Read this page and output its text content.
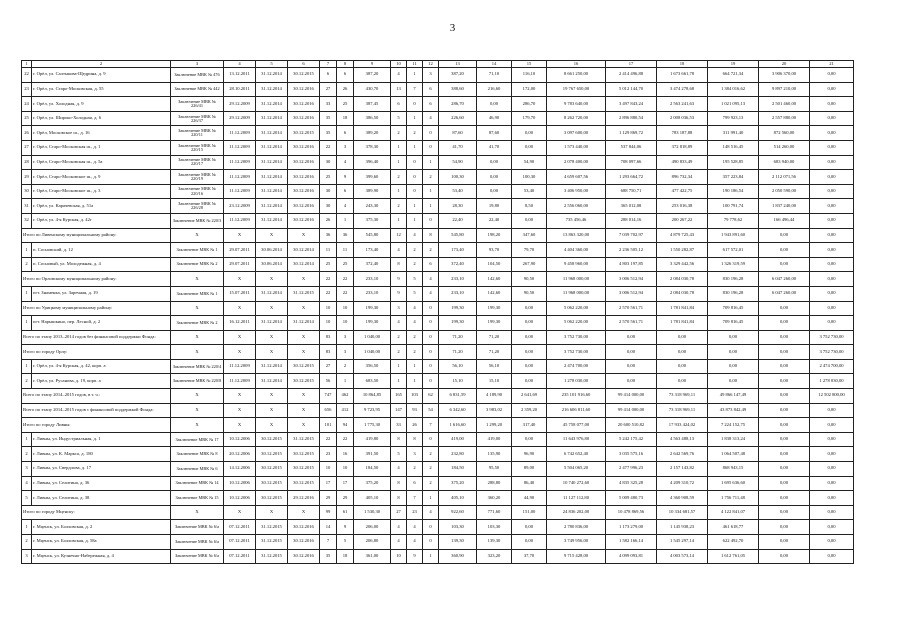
3
1	2	3	4	5	6	7	8	9	10	11	12	13	14	15	16	17	18	19	20	21
22	г. Орёл, ул. Салтыкова-Щедрина, д. 9	Заключение МВК № 476	13.12.2011	31.12.2014	30.12.2015	6	6	387,20	4	1	3	387,20	71,10	116,10	8 661 250,00	2 414 496,88	1 673 661,78	664 721,34	3 906 370,00	0,00
23	г. Орёл, ул. Старо-Московская, д. 55	Заключение МВК № 442	28.10.2011	31.12.2014	30.12.2016	27	26	430,70	13	7	6	388,60	216,60	172,00	19 767 650,00	5 012 144,70	3 474 278,68	1 384 016,62	9 897 210,00	0,00
24	г. Орёл, ул. Холодная, д. 9	Заключение МВК № 226/41	29.12.2009	31.12.2014	30.12.2016	33	25	387,45	6	0	6	286,70	0,00	286,70	9 783 640,00	3 497 843,24	2 563 241,63	1 021 095,13	2 501 460,00	0,00
25	г. Орёл, ул. Широко-Холодная, д. 6	Заключение МВК № 226/37	29.12.2009	31.12.2014	30.12.2016	35	18	386,50	5	1	4	226,60	46,90	179,70	8 262 720,00	2 896 880,54	2 008 036,53	799 923,13	2 557 880,00	0,00
26	г. Орёл, Московское ш., д. 16	Заключение МВК № 220/11	11.12.2009	31.12.2014	30.12.2015	35	6	389,20	2	2	0	87,60	87,60	0,00	3 097 600,00	1 129 869,72	783 187,88	311 991,40	872 560,00	0,00
27	г. Орёл, Старо-Московская ш., д. 1	Заключение МВК № 220/15	11.12.2009	31.12.2014	30.12.2016	22	3	378,30	1	1	0	41,70	41,70	0,00	1 573 440,00	537 844,06	372 818,89	148 516,45	514 260,00	0,00
28	г. Орёл, Старо-Московская ш., д. 5а	Заключение МВК № 220/17	11.12.2009	31.12.2014	30.12.2016	30	4	396,40	1	0	1	54,90	0,00	54,90	2 078 400,00	708 097,66	490 833,49	195 528,85	683 940,00	0,00
29	г. Орёл, Старо-Московское ш., д. 9	Заключение МВК № 220/19	11.12.2009	31.12.2014	30.12.2016	25	9	399,60	2	0	2	100,30	0,00	100,30	4 659 607,56	1 293 664,72	896 732,34	357 223,84	2 112 071,56	0,00
30	г. Орёл, Старо-Московское ш., д. 3	Заключение МВК № 220/16	11.12.2009	31.12.2014	30.12.2016	30	6	389,90	1	0	1	53,40	0,00	53,40	3 406 950,00	688 750,71	477 422,75	190 186,54	2 050 590,00	0,00
31	г. Орёл, ул. Карачевская, д. 51а	Заключение МВК № 226/28	23.12.2009	31.12.2014	30.12.2016	30	4	243,30	2	1	1	28,30	19,80	8,50	2 556 060,00	365 012,08	253 016,38	100 791,74	1 837 240,00	0,00
32	г. Орёл, ул. 4-я Курская, д. 42г	Заключение МВК № 220/3	11.12.2009	31.12.2014	30.12.2016	26	1	375,30	1	1	0	22,40	22,40	0,00	735 456,46	288 014,16	200 267,22	79 778,62	166 496,44	0,00
Итого по Ливенскому муниципальному району:		X	X	X	X	36	36	545,80	12	4	8	545,80	198,20	347,60	13 863 320,00	7 039 702,97	4 879 725,43	1 943 891,60	0,00	0,00
1	п. Сосновский, д. 12	Заключение МВК № 1	29.07.2011	30.06.2014	30.12.2014	11	11	173,40	4	2	2	173,40	93,70	79,70	4 404 360,00	2 236 505,12	1 550 282,87	617 572,01	0,00	0,00
2	п. Сосновый, ул. Молодежная, д. 4	Заключение МВК № 2	29.07.2011	30.06.2014	30.12.2014	25	25	372,40	8	2	6	372,40	104,50	267,90	9 458 960,00	4 803 197,85	3 329 442,56	1 326 319,59	0,00	0,00
Итого по Орловскому муниципальному району:		X	X	X	X	22	22	233,10	9	5	4	233,10	142,60	90,50	11 968 000,00	3 006 512,94	2 084 030,78	830 196,28	6 047 260,00	0,00
1	пгт. Знаменка, ул. Заречная, д. 19	Заключение МВК № 1	15.07.2011	31.12.2014	31.12.2015	22	22	233,10	9	5	4	233,10	142,60	90,50	11 968 000,00	3 006 512,94	2 084 030,78	830 196,28	6 047 260,00	0,00
Итого по Урицкому муниципальному району:		X	X	X	X	10	10	199,30	3	4	0	199,30	199,30	0,00	5 062 220,00	2 570 561,71	1 781 841,84	709 816,45	0,00	0,00
1	пгт. Нарышкино, пер. Лесной, д. 2	Заключение МВК № 2	16.12.2011	31.12.2014	31.12.2014	10	10	199,30	4	4	0	199,30	199,30	0,00	5 062 220,00	2 570 561,71	1 781 841,84	709 816,45	0,00	0,00
Всего по этапу 2013–2014 годов без финансовой поддержки Фонда:		X	X	X	X	83	3	1 040,00	2	2	0	71,20	71,20	0,00	3 752 730,00	0,00	0,00	0,00	0,00	3 752 730,00
Итого по городу Орлу:		X	X	X	X	83	3	1 040,00	2	2	0	71,20	71,20	0,00	3 752 730,00	0,00	0,00	0,00	0,00	3 752 730,00
1	г. Орёл, ул. 4-я Курская, д. 42, корп. а	Заключение МВК № 220/4	11.12.2009	31.12.2014	30.12.2015	27	2	356,50	1	1	0	56,10	56,10	0,00	2 474 700,00	0,00	0,00	0,00	0,00	2 474 700,00
2	г. Орёл, ул. Русанова, д. 19, корп. а	Заключение МВК № 220/8	11.12.2009	31.12.2014	30.12.2015	56	1	683,50	1	1	0	15,10	15,10	0,00	1 278 030,00	0,00	0,00	0,00	0,00	1 278 030,00
Всего по этапу 2014–2015 годов, в т. ч.:		X	X	X	X	747	462	10 864,85	165	103	62	6 831,59	4 189,90	2 641,69	235 101 916,60	99 414 000,00	73 318 969,11	49 866 147,49	0,00	12 502 800,00
Всего по этапу 2014–2015 годов с финансовой поддержкой Фонда:		X	X	X	X	656	412	9 723,95	147	93	54	6 342,60	3 983,02	2 359,20	216 606 811,60	99 414 000,00	73 318 969,11	43 873 842,49	0,00	0,00
Итого по городу Ливны:		X	X	X	X	101	94	1 775,30	33	26	7	1 616,60	1 299,20	317,40	45 758 077,00	20 600 510,82	17 933 424,02	7 224 152,75	0,00	0,00
1	г. Ливны, ул. Индустриальная, д. 1	Заключение МВК № 17	10.12.2006	30.12.2015	31.12.2015	22	22	419,80	8	8	0	419,00	419,00	0,00	11 643 976,80	5 242 175,42	4 563 488,13	1 838 313,24	0,00	0,00
2	г. Ливны, ул. К. Маркса, д. 180	Заключение МВК № 8	20.12.2006	30.12.2015	30.12.2015	23	16	391,50	5	3	2	232,80	135,90	96,90	6 742 652,40	3 035 575,16	2 642 569,76	1 064 507,48	0,00	0,00
3	г. Ливны, ул. Свердлова, д. 17	Заключение МВК № 6	14.12.2006	30.12.2015	30.12.2015	10	10	184,50	4	2	2	184,50	95,50	89,00	5 504 065,20	2 477 996,23	2 157 143,82	868 943,15	0,00	0,00
4	г. Ливны, ул. Селитина, д. 36	Заключение МВК № 14	10.12.2006	30.12.2015	30.12.2015	17	17	375,20	8	6	2	375,20	288,80	86,40	10 740 272,60	4 835 325,28	4 209 310,72	1 695 636,60	0,00	0,00
5	г. Ливны, ул. Селитина, д. 38	Заключение МВК № 15	10.12.2006	30.12.2015	29.12.2016	29	29	405,10	8	7	1	405,10	360,20	44,90	11 127 112,80	5 009 480,73	4 360 908,59	1 756 711,48	0,00	0,00
Итого по городу Мценску:		X	X	X	X	99	61	1 530,30	27	23	4	922,60	771,60	151,00	24 836 202,00	10 478 869,56	10 334 681,57	4 122 841,07	0,00	0,00
1	г. Мценск, ул. Болховская, д. 2	Заключение МВК № 6/а	07.12.2011	31.12.2015	30.12.2016	14	9	206,00	4	4	0	103,30	103,30	0,00	2 780 836,00	1 173 279,00	1 145 938,23	461 618,77	0,00	0,00
2	г. Мценск, ул. Болховская, д. 58а	Заключение МВК № 6/а	07.12.2011	31.12.2015	30.12.2016	7	5	206,80	4	4	0	139,30	139,30	0,00	3 749 956,00	1 582 166,14	1 545 297,14	622 492,70	0,00	0,00
3	г. Мценск, ул. Кузнечно-Набережная, д. 4	Заключение МВК № 6/а	07.12.2011	31.12.2015	30.12.2016	35	18	361,00	10	9	1	360,90	323,20	37,70	9 715 428,00	4 099 093,81	4 003 573,14	1 612 761,05	0,00	0,00
